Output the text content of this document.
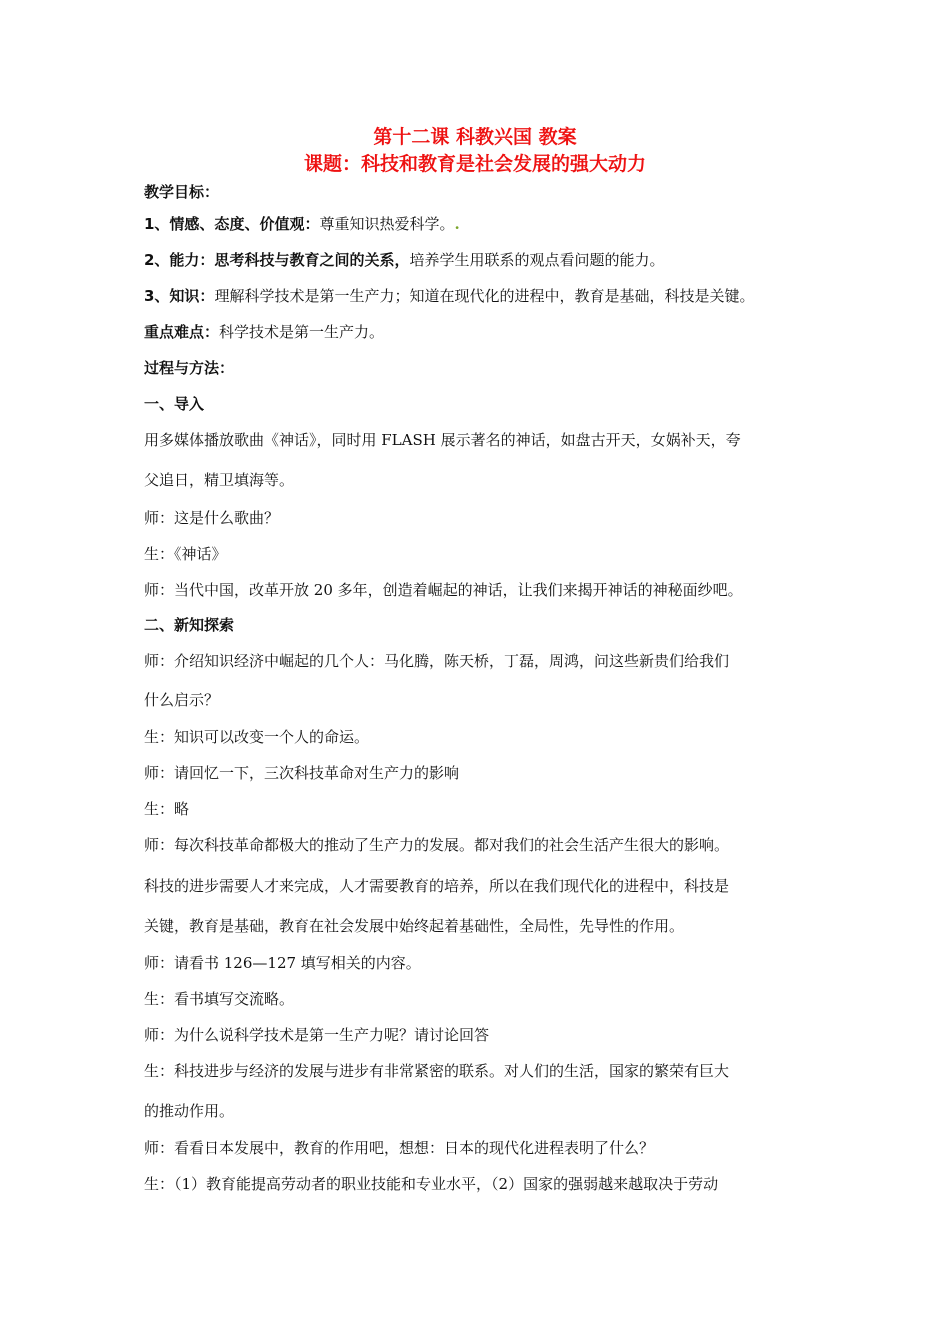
第十二课 科教兴国 教案
课题：科技和教育是社会发展的强大动力
教学目标：
1、情感、态度、价值观：尊重知识热爱科学。.
2、能力：思考科技与教育之间的关系，培养学生用联系的观点看问题的能力。
3、知识：理解科学技术是第一生产力；知道在现代化的进程中，教育是基础，科技是关键。
重点难点：科学技术是第一生产力。
过程与方法：
一、导入
用多媒体播放歌曲《神话》，同时用 FLASH 展示著名的神话，如盘古开天，女娲补天，夸
父追日，精卫填海等。
师：这是什么歌曲？
生：《神话》
师：当代中国，改革开放 20 多年，创造着崛起的神话，让我们来揭开神话的神秘面纱吧。
二、新知探索
师：介绍知识经济中崛起的几个人：马化腾，陈天桥，丁磊，周鸿，问这些新贵们给我们
什么启示？
生：知识可以改变一个人的命运。
师：请回忆一下，三次科技革命对生产力的影响
生：略
师：每次科技革命都极大的推动了生产力的发展。都对我们的社会生活产生很大的影响。
科技的进步需要人才来完成，人才需要教育的培养，所以在我们现代化的进程中，科技是
关键，教育是基础，教育在社会发展中始终起着基础性，全局性，先导性的作用。
师：请看书 126—127 填写相关的内容。
生：看书填写交流略。
师：为什么说科学技术是第一生产力呢？请讨论回答
生：科技进步与经济的发展与进步有非常紧密的联系。对人们的生活，国家的繁荣有巨大
的推动作用。
师：看看日本发展中，教育的作用吧，想想：日本的现代化进程表明了什么？
生：（1）教育能提高劳动者的职业技能和专业水平，（2）国家的强弱越来越取决于劳动
